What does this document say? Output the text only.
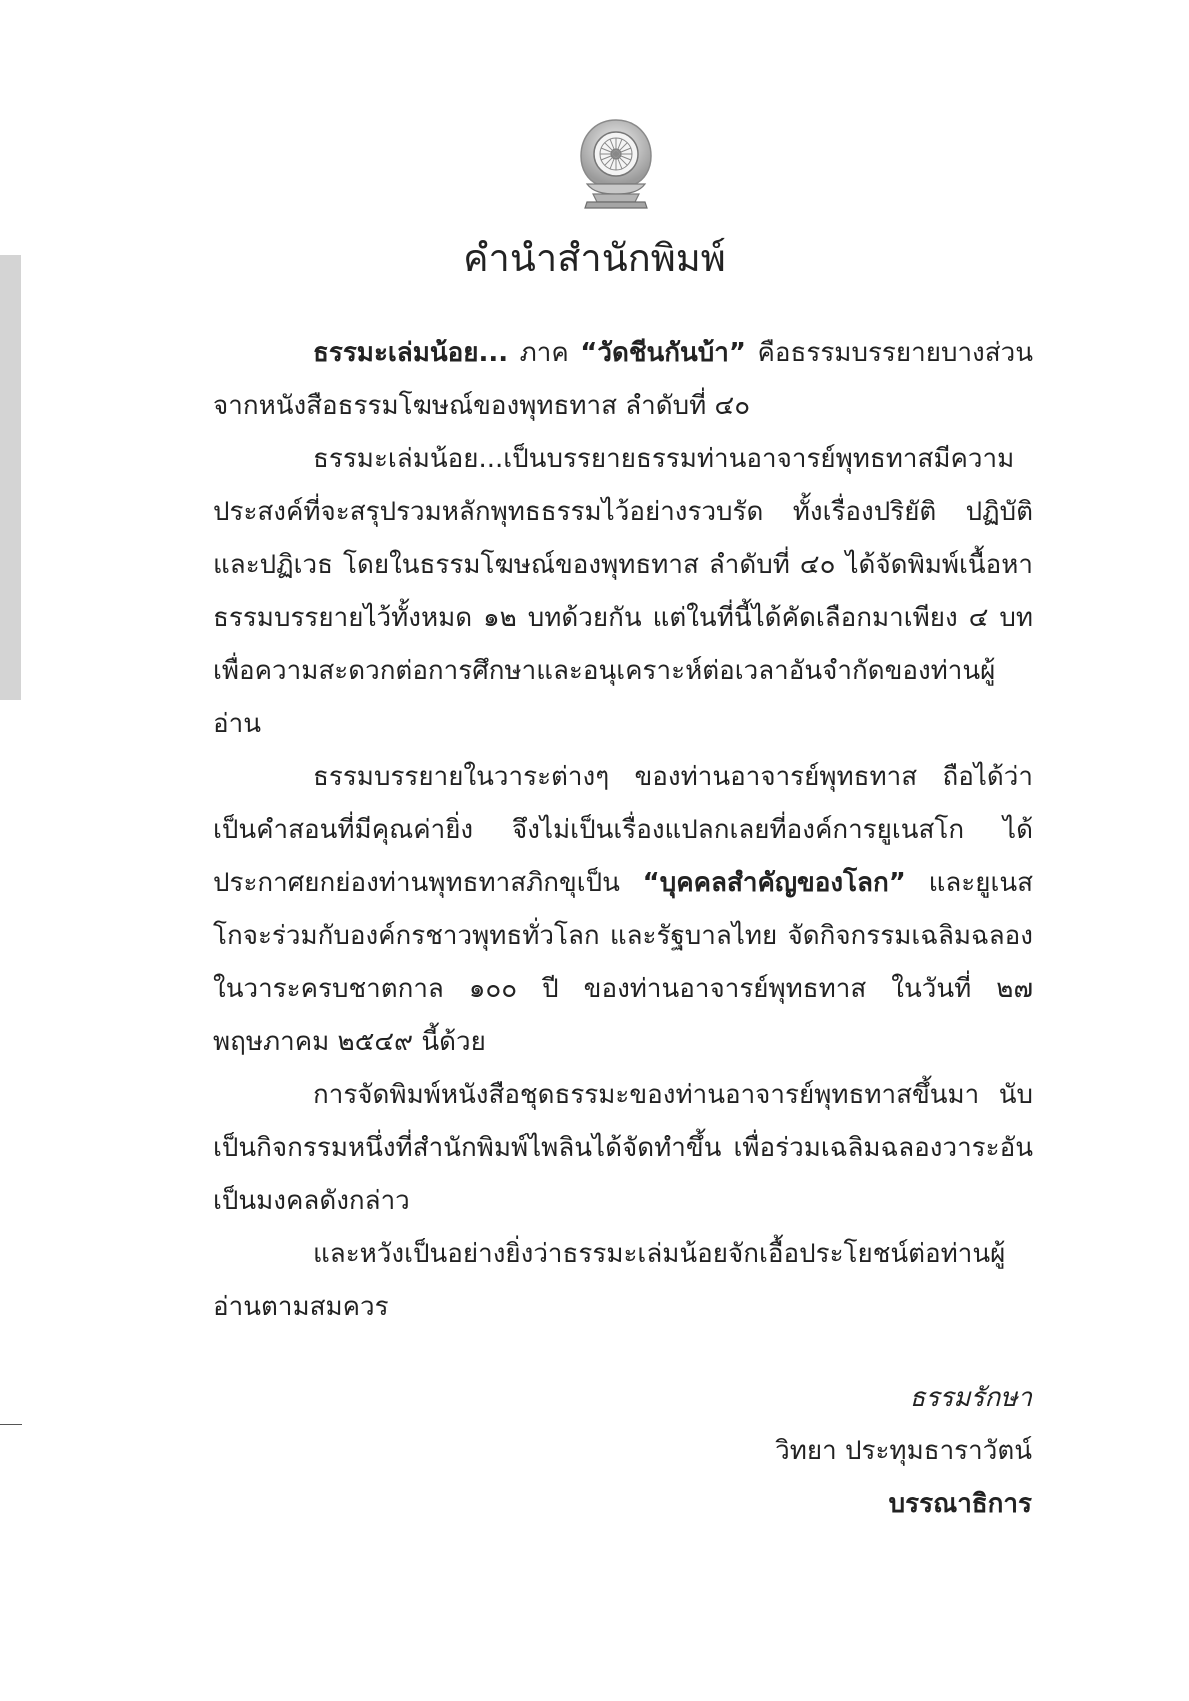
คำนำสำนักพิมพ์

ธรรมะเล่มน้อย... ภาค “วัดชีนกันบ้า” คือธรรมบรรยายบางส่วนจากหนังสือธรรมโฆษณ์ของพุทธทาส ลำดับที่ ๔๐

ธรรมะเล่มน้อย...เป็นบรรยายธรรมท่านอาจารย์พุทธทาสมีความประสงค์ที่จะสรุปรวมหลักพุทธธรรมไว้อย่างรวบรัด ทั้งเรื่องปริยัติ ปฏิบัติ และปฏิเวธ โดยในธรรมโฆษณ์ของพุทธทาส ลำดับที่ ๔๐ ได้จัดพิมพ์เนื้อหาธรรมบรรยายไว้ทั้งหมด ๑๒ บทด้วยกัน แต่ในที่นี้ได้คัดเลือกมาเพียง ๔ บท เพื่อความสะดวกต่อการศึกษาและอนุเคราะห์ต่อเวลาอันจำกัดของท่านผู้อ่าน

ธรรมบรรยายในวาระต่างๆ ของท่านอาจารย์พุทธทาส ถือได้ว่าเป็นคำสอนที่มีคุณค่ายิ่ง จึงไม่เป็นเรื่องแปลกเลยที่องค์การยูเนสโก ได้ประกาศยกย่องท่านพุทธทาสภิกขุเป็น “บุคคลสำคัญของโลก” และยูเนสโกจะร่วมกับองค์กรชาวพุทธทั่วโลก และรัฐบาลไทย จัดกิจกรรมเฉลิมฉลองในวาระครบชาตกาล ๑๐๐ ปี ของท่านอาจารย์พุทธทาส ในวันที่ ๒๗ พฤษภาคม ๒๕๔๙ นี้ด้วย

การจัดพิมพ์หนังสือชุดธรรมะของท่านอาจารย์พุทธทาสขึ้นมา นับเป็นกิจกรรมหนึ่งที่สำนักพิมพ์ไพลินได้จัดทำขึ้น เพื่อร่วมเฉลิมฉลองวาระอันเป็นมงคลดังกล่าว

และหวังเป็นอย่างยิ่งว่าธรรมะเล่มน้อยจักเอื้อประโยชน์ต่อท่านผู้อ่านตามสมควร

ธรรมรักษา
วิทยา ประทุมธาราวัตน์
บรรณาธิการ
